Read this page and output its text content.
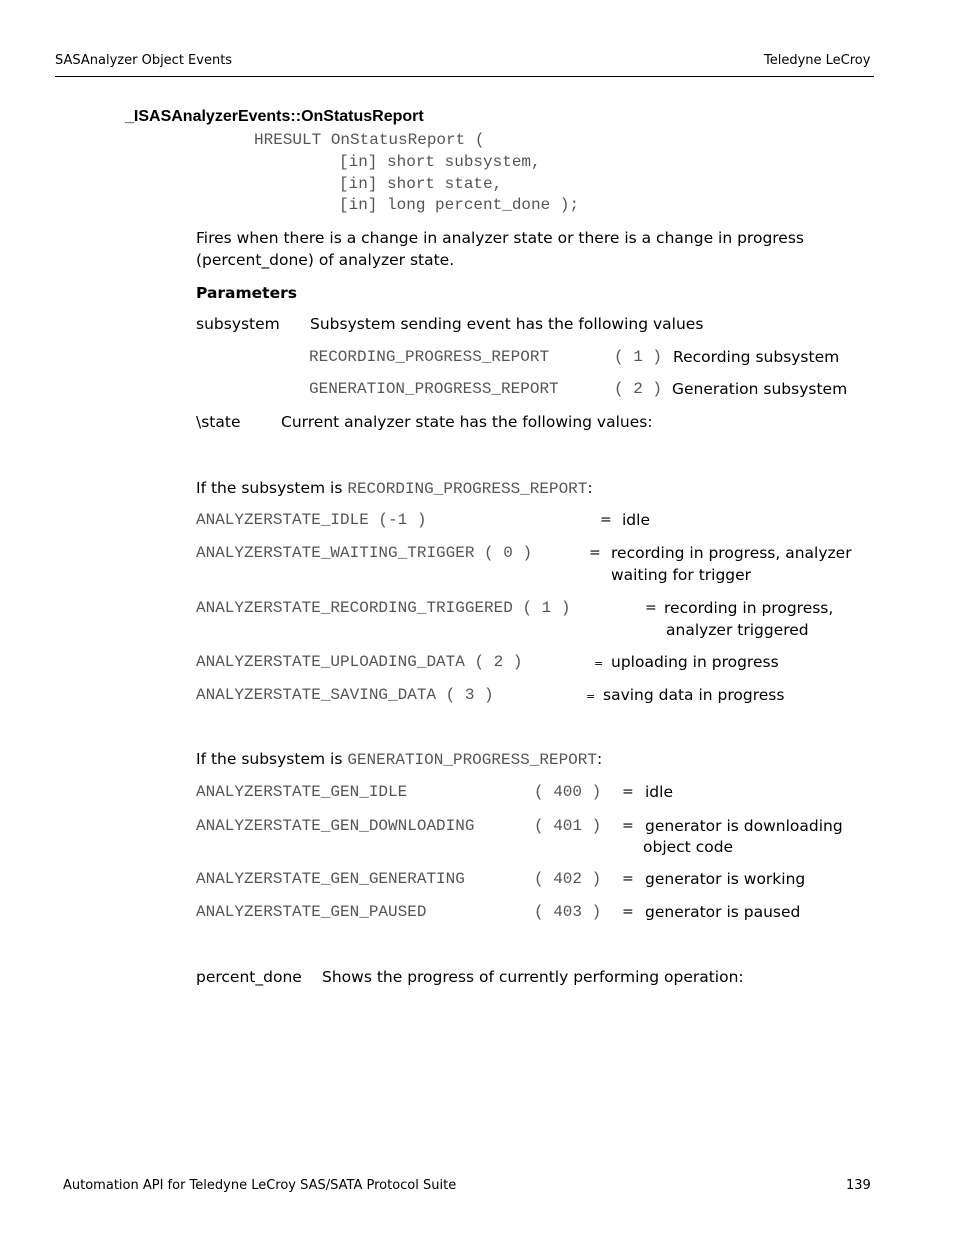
SASAnalyzer Object Events	Teledyne LeCroy
_ISASAnalyzerEvents::OnStatusReport
HRESULT OnStatusReport (
[in] short subsystem,
[in] short state,
[in] long percent_done );
Fires when there is a change in analyzer state or there is a change in progress
(percent_done) of analyzer state.
Parameters
subsystem Subsystem sending event has the following values
RECORDING_PROGRESS_REPORT	( 1 ) Recording subsystem
GENERATION_PROGRESS_REPORT	( 2 ) Generation subsystem
\state	Current analyzer state has the following values:
If the subsystem is RECORDING_PROGRESS_REPORT:
ANALYZERSTATE_IDLE (-1 )	= idle
ANALYZERSTATE_WAITING_TRIGGER ( 0 )	= recording in progress, analyzer
waiting for trigger
ANALYZERSTATE_RECORDING_TRIGGERED ( 1 )	= recording in progress,
analyzer triggered
ANALYZERSTATE_UPLOADING_DATA ( 2 )	= uploading in progress
ANALYZERSTATE_SAVING_DATA ( 3 )	= saving data in progress
If the subsystem is GENERATION_PROGRESS_REPORT:
ANALYZERSTATE_GEN_IDLE	( 400 ) = idle
ANALYZERSTATE_GEN_DOWNLOADING	( 401 ) = generator is downloading
object code
ANALYZERSTATE_GEN_GENERATING	( 402 ) = generator is working
ANALYZERSTATE_GEN_PAUSED	( 403 ) = generator is paused
percent_done Shows the progress of currently performing operation:
Automation API for Teledyne LeCroy SAS/SATA Protocol Suite	139
